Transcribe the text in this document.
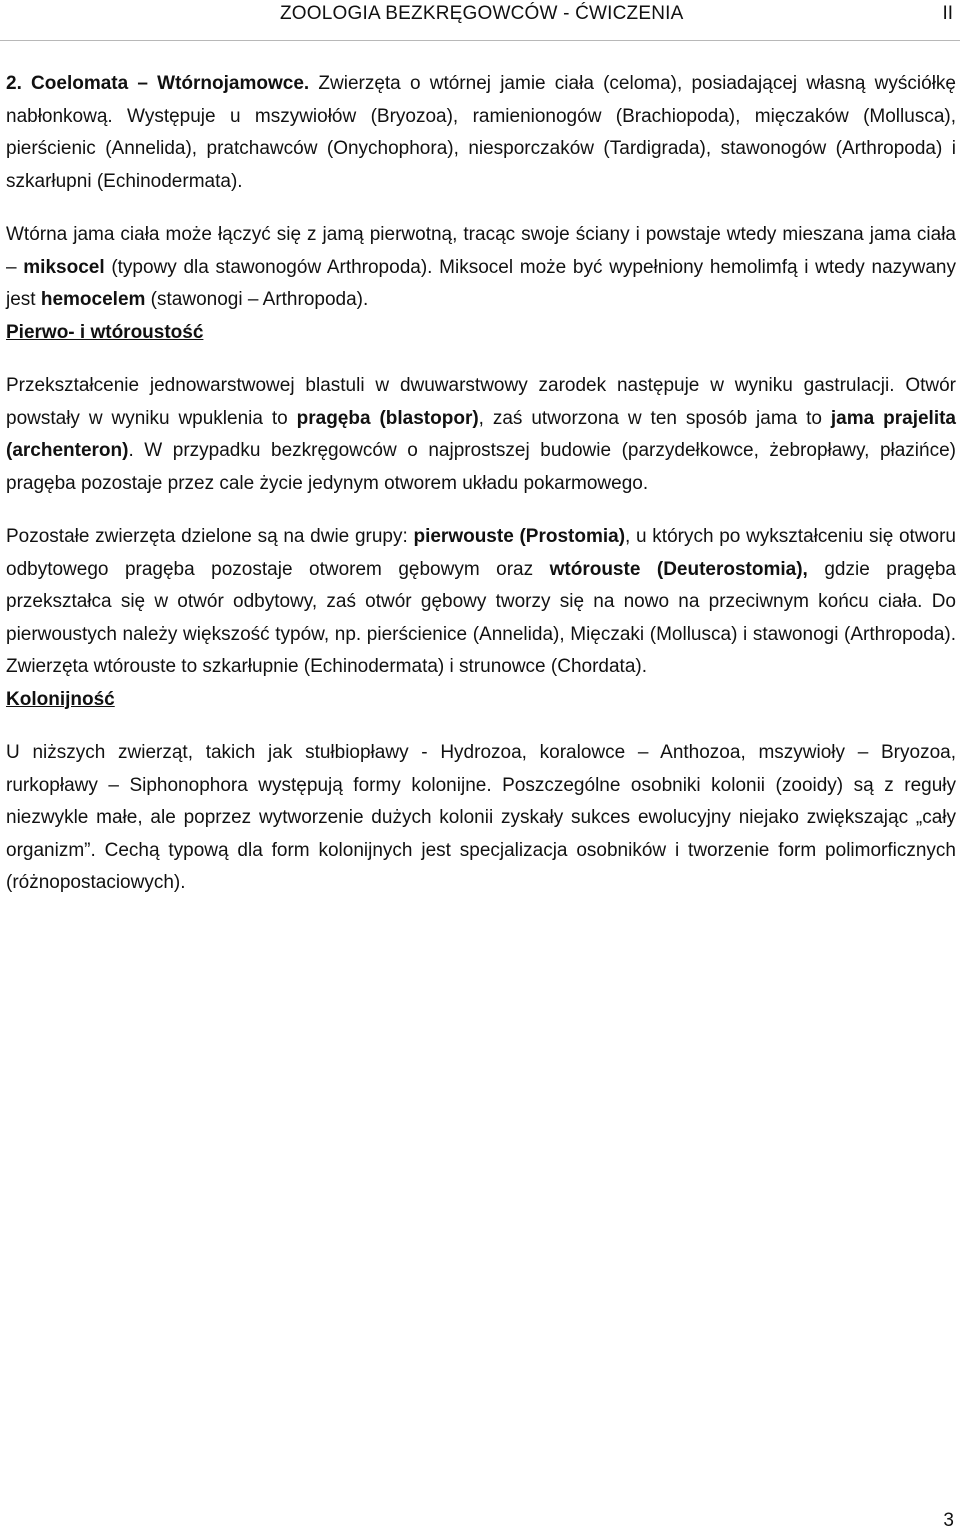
ZOOLOGIA BEZKRĘGOWCÓW - ĆWICZENIA	II

2. Coelomata – Wtórnojamowce. Zwierzęta o wtórnej jamie ciała (celoma), posiadającej własną wyściółkę nabłonkową. Występuje u mszywiołów (Bryozoa), ramienionogów (Brachiopoda), mięczaków (Mollusca), pierścienic (Annelida), pratchawców (Onychophora), niesporczaków (Tardigrada), stawonogów (Arthropoda) i szkarłupni (Echinodermata).

Wtórna jama ciała może łączyć się z jamą pierwotną, tracąc swoje ściany i powstaje wtedy mieszana jama ciała – miksocel (typowy dla stawonogów Arthropoda). Miksocel może być wypełniony hemolimfą i wtedy nazywany jest hemocelem (stawonogi – Arthropoda).

Pierwo- i wtóroustość

Przekształcenie jednowarstwowej blastuli w dwuwarstwowy zarodek następuje w wyniku gastrulacji. Otwór powstały w wyniku wpuklenia to pragęba (blastopor), zaś utworzona w ten sposób jama to jama prajelita (archenteron). W przypadku bezkręgowców o najprostszej budowie (parzydełkowce, żebropławy, płazińce) pragęba pozostaje przez cale życie jedynym otworem układu pokarmowego.

Pozostałe zwierzęta dzielone są na dwie grupy: pierwouste (Prostomia), u których po wykształceniu się otworu odbytowego pragęba pozostaje otworem gębowym oraz wtórouste (Deuterostomia), gdzie pragęba przekształca się w otwór odbytowy, zaś otwór gębowy tworzy się na nowo na przeciwnym końcu ciała. Do pierwoustych należy większość typów, np. pierścienice (Annelida), Mięczaki (Mollusca) i stawonogi (Arthropoda). Zwierzęta wtórouste to szkarłupnie (Echinodermata) i strunowce (Chordata).

Kolonijność

U niższych zwierząt, takich jak stułbiopławy - Hydrozoa, koralowce – Anthozoa, mszywioły – Bryozoa, rurkopławy – Siphonophora występują formy kolonijne. Poszczególne osobniki kolonii (zooidy) są z reguły niezwykle małe, ale poprzez wytworzenie dużych kolonii zyskały sukces ewolucyjny niejako zwiększając „cały organizm”. Cechą typową dla form kolonijnych jest specjalizacja osobników i tworzenie form polimorficznych (różnopostaciowych).

3
